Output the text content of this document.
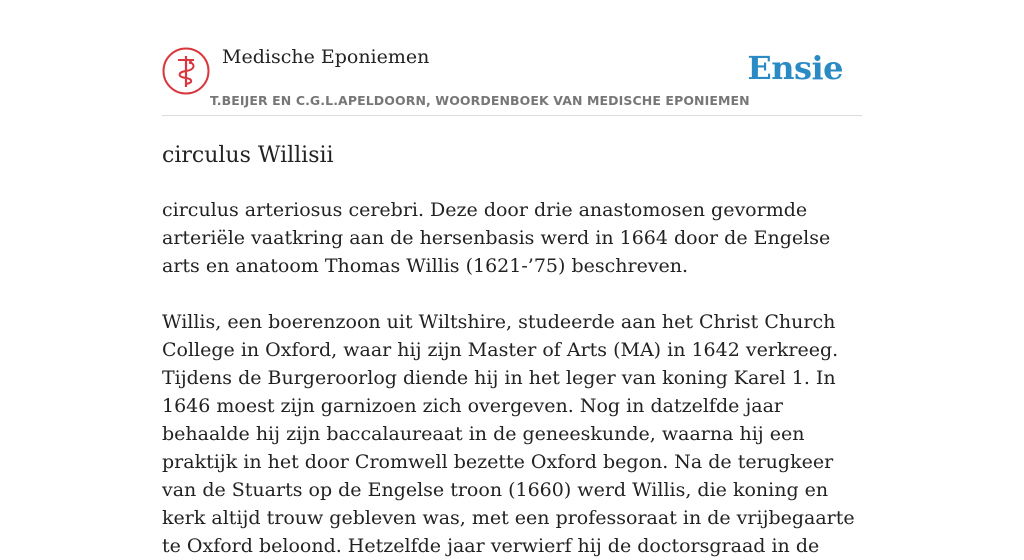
Medische Eponiemen
T.BEIJER EN C.G.L.APELDOORN, WOORDENBOEK VAN MEDISCHE EPONIEMEN
Ensie
circulus Willisii

circulus arteriosus cerebri. Deze door drie anastomosen gevormde arteriële vaatkring aan de hersenbasis werd in 1664 door de Engelse arts en anatoom Thomas Willis (1621-’75) beschreven.

Willis, een boerenzoon uit Wiltshire, studeerde aan het Christ Church College in Oxford, waar hij zijn Master of Arts (MA) in 1642 verkreeg. Tijdens de Burgeroorlog diende hij in het leger van koning Karel 1. In 1646 moest zijn garnizoen zich overgeven. Nog in datzelfde jaar behaalde hij zijn baccalaureaat in de geneeskunde, waarna hij een praktijk in het door Cromwell bezette Oxford begon. Na de terugkeer van de Stuarts op de Engelse troon (1660) werd Willis, die koning en kerk altijd trouw gebleven was, met een professoraat in de vrijbegaarte te Oxford beloond. Hetzelfde jaar verwierf hij de doctorsgraad in de
